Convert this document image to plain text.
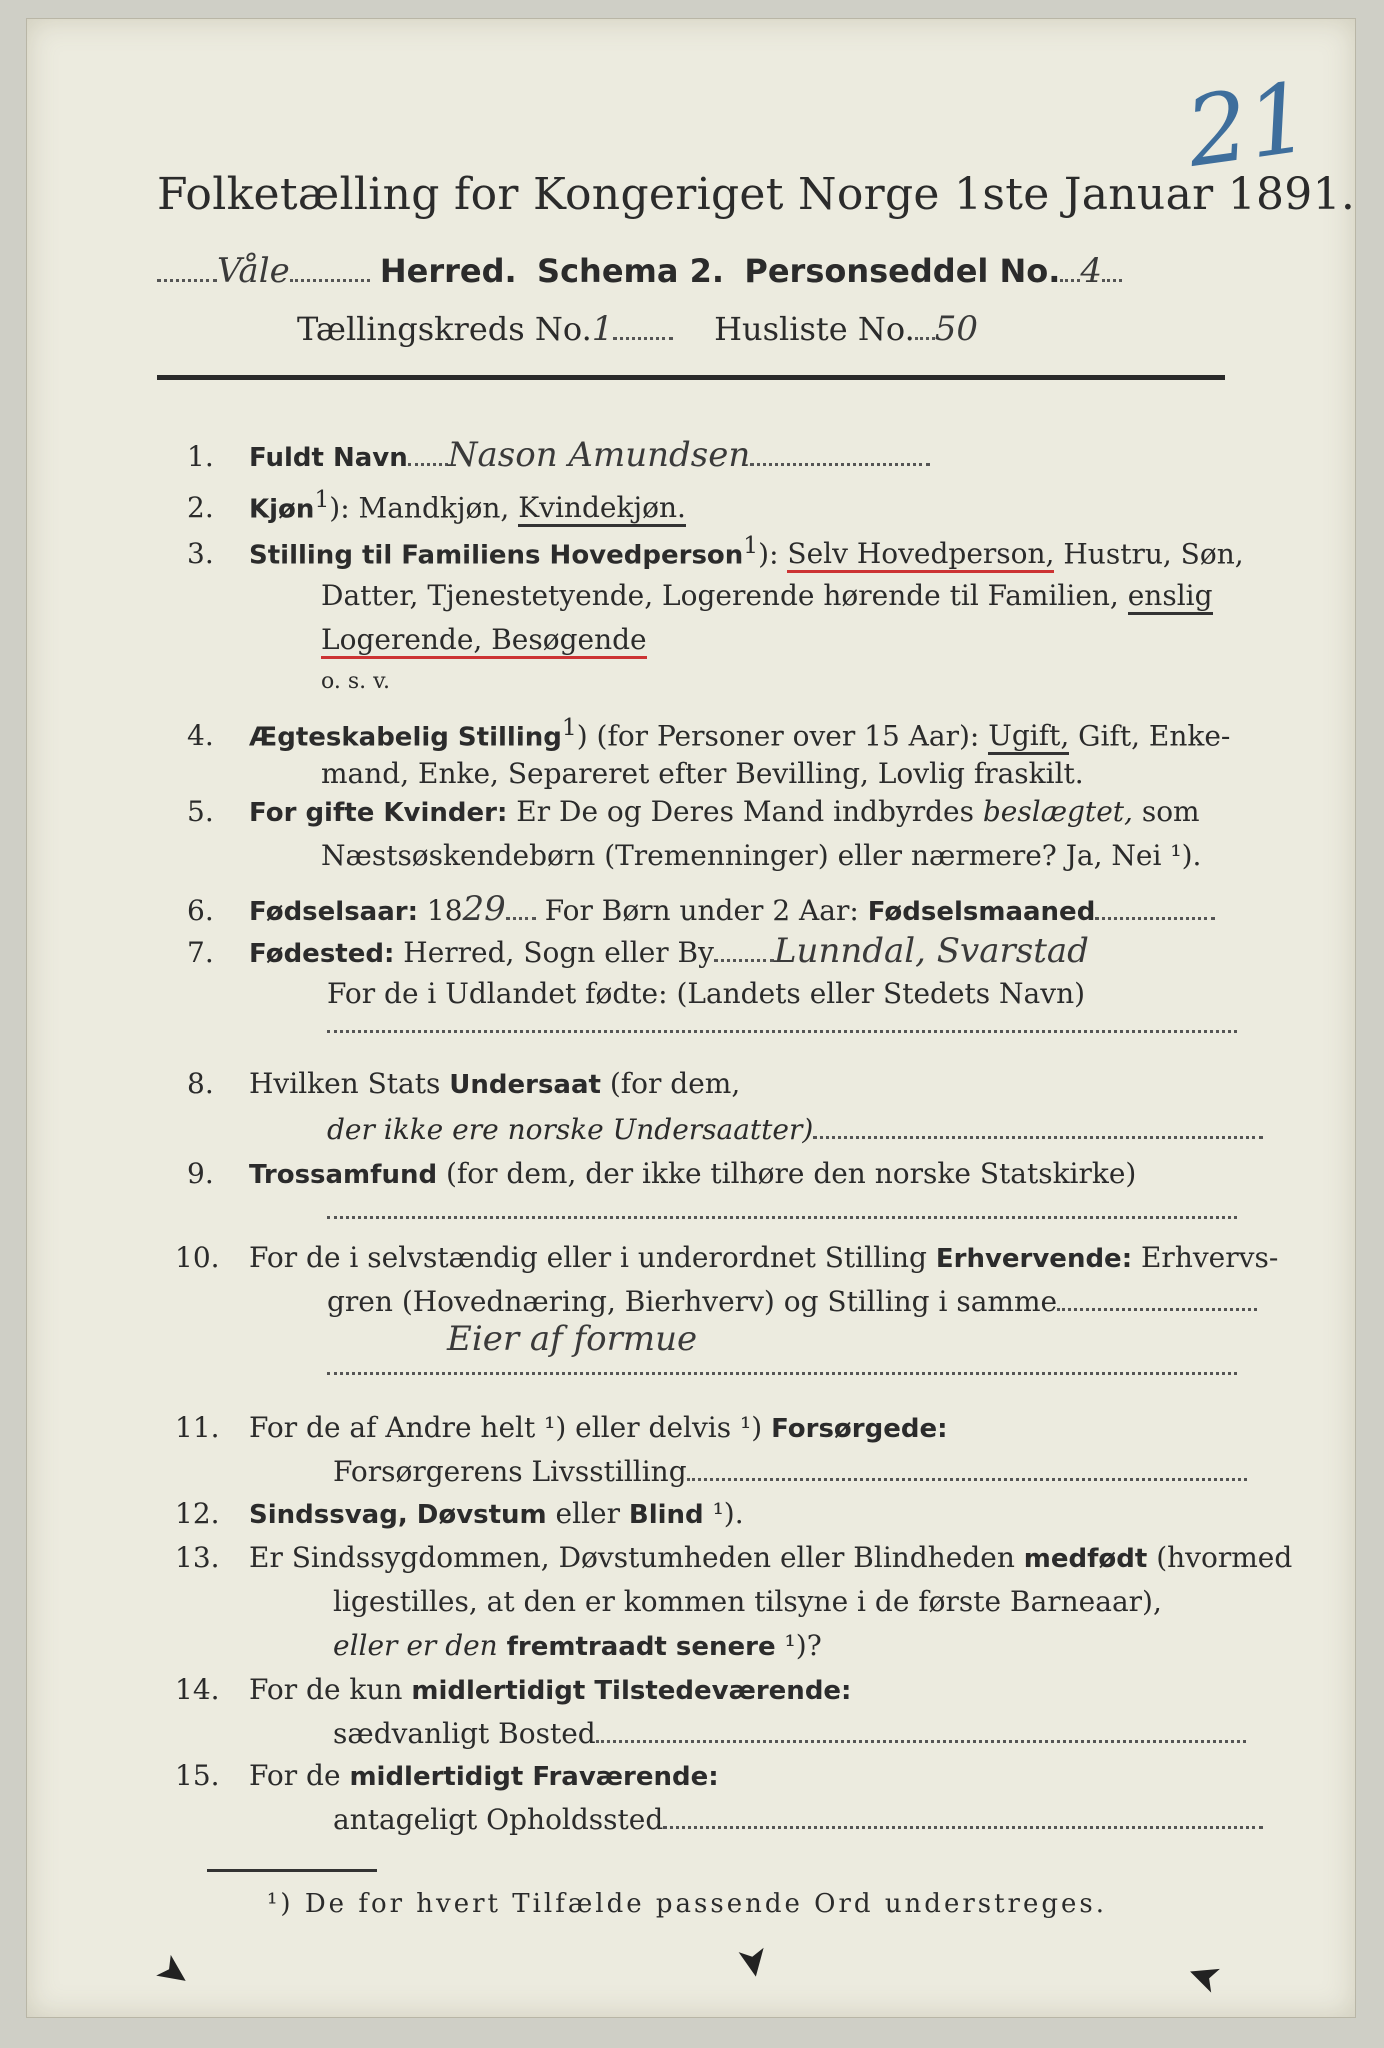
21
Folketælling for Kongeriget Norge 1ste Januar 1891.
Våle	Herred. Schema 2. Personseddel No. 4
Tællingskreds No.1	Husliste No. 50
1. Fuldt Navn Nason Amundsen
2. Kjøn$^1$): Mandkjøn, Kvindekjøn.
3. Stilling til Familiens Hovedperson$^1$): Selv Hovedperson, Hustru, Søn,
Datter, Tjenestetyende, Logerende hørende til Familien, enslig
Logerende, Besøgende
o. s. v.
4. Ægteskabelig Stilling$^1$) (for Personer over 15 Aar): Ugift, Gift, Enke-
mand, Enke, Separeret efter Bevilling, Lovlig fraskilt.
5. For gifte Kvinder: Er De og Deres Mand indbyrdes beslægtet, som
Næstsøskendebørn (Tremenninger) eller nærmere? Ja, Nei ¹).
6. Fødselsaar: 1829 For Børn under 2 Aar: Fødselsmaaned
7. Fødested: Herred, Sogn eller By Lunndal, Svarstad
For de i Udlandet fødte: (Landets eller Stedets Navn)
8. Hvilken Stats Undersaat (for dem,
der ikke ere norske Undersaatter)
9. Trossamfund (for dem, der ikke tilhøre den norske Statskirke)
10. For de i selvstændig eller i underordnet Stilling Erhvervende: Erhvervs-
gren (Hovednæring, Bierhverv) og Stilling i samme
Eier af formue
11. For de af Andre helt ¹) eller delvis ¹) Forsørgede:
Forsørgerens Livsstilling
12. Sindssvag, Døvstum eller Blind ¹).
13. Er Sindssygdommen, Døvstumheden eller Blindheden medfødt (hvormed
ligestilles, at den er kommen tilsyne i de første Barneaar),
eller er den fremtraadt senere ¹)?
14. For de kun midlertidigt Tilstedeværende:
sædvanligt Bosted
15. For de midlertidigt Fraværende:
antageligt Opholdssted
¹) De for hvert Tilfælde passende Ord understreges.
➤	➤	➤
